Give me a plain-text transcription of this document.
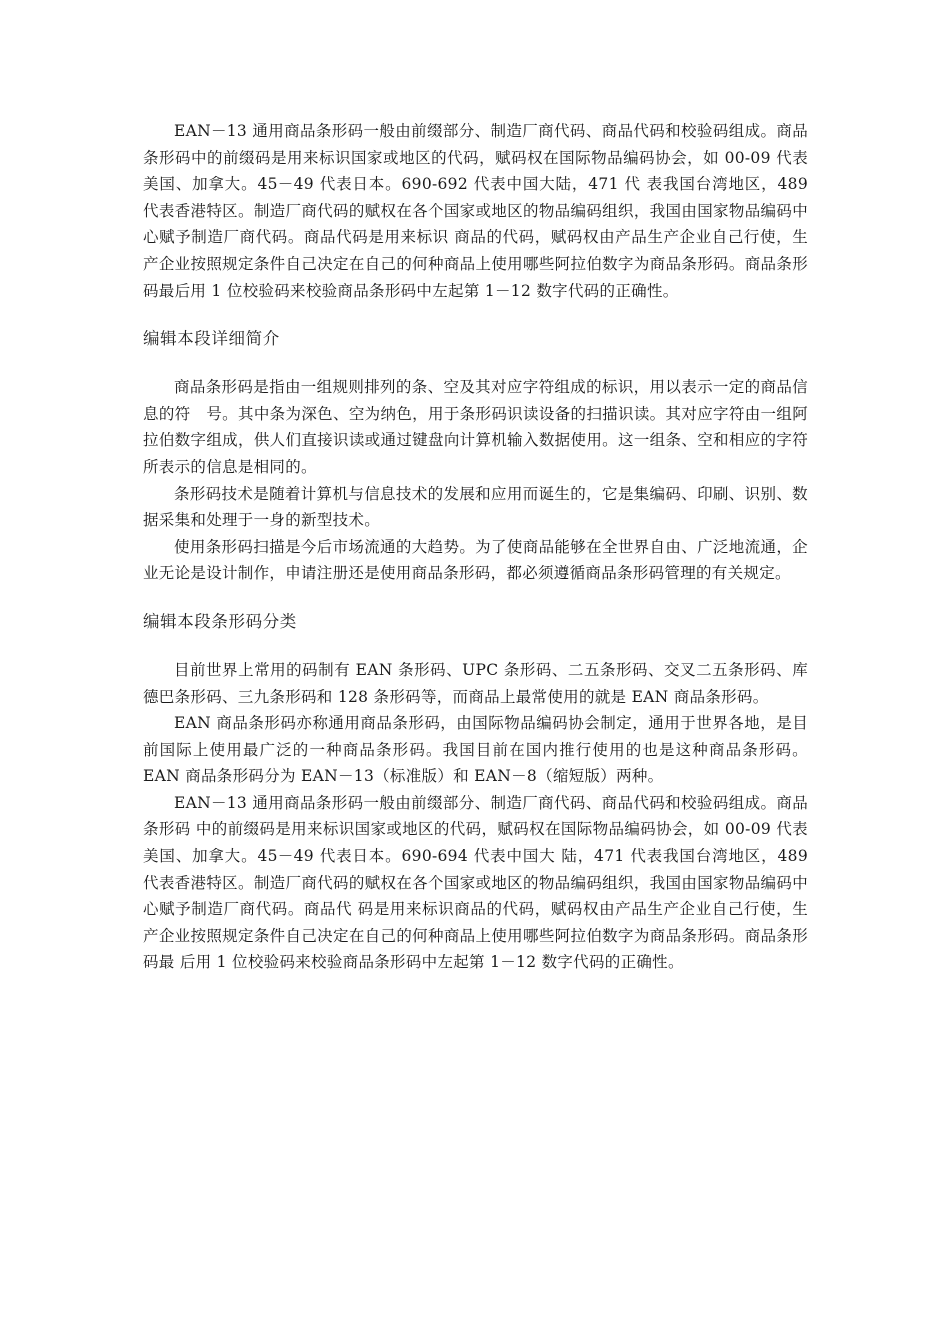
EAN－13 通用商品条形码一般由前缀部分、制造厂商代码、商品代码和校验码组成。商品条形码中的前缀码是用来标识国家或地区的代码，赋码权在国际物品编码协会，如 00-09 代表美国、加拿大。45－49 代表日本。690-692 代表中国大陆，471 代 表我国台湾地区，489 代表香港特区。制造厂商代码的赋权在各个国家或地区的物品编码组织，我国由国家物品编码中心赋予制造厂商代码。商品代码是用来标识 商品的代码，赋码权由产品生产企业自己行使，生产企业按照规定条件自己决定在自己的何种商品上使用哪些阿拉伯数字为商品条形码。商品条形码最后用 1 位校验码来校验商品条形码中左起第 1－12 数字代码的正确性。

编辑本段详细简介

商品条形码是指由一组规则排列的条、空及其对应字符组成的标识，用以表示一定的商品信息的符　号。其中条为深色、空为纳色，用于条形码识读设备的扫描识读。其对应字符由一组阿拉伯数字组成，供人们直接识读或通过键盘向计算机输入数据使用。这一组条、空和相应的字符所表示的信息是相同的。

条形码技术是随着计算机与信息技术的发展和应用而诞生的，它是集编码、印刷、识别、数据采集和处理于一身的新型技术。

使用条形码扫描是今后市场流通的大趋势。为了使商品能够在全世界自由、广泛地流通，企业无论是设计制作，申请注册还是使用商品条形码，都必须遵循商品条形码管理的有关规定。

编辑本段条形码分类

目前世界上常用的码制有 EAN 条形码、UPC 条形码、二五条形码、交叉二五条形码、库德巴条形码、三九条形码和 128 条形码等，而商品上最常使用的就是 EAN 商品条形码。

EAN 商品条形码亦称通用商品条形码，由国际物品编码协会制定，通用于世界各地，是目前国际上使用最广泛的一种商品条形码。我国目前在国内推行使用的也是这种商品条形码。EAN 商品条形码分为 EAN－13（标准版）和 EAN－8（缩短版）两种。

EAN－13 通用商品条形码一般由前缀部分、制造厂商代码、商品代码和校验码组成。商品条形码 中的前缀码是用来标识国家或地区的代码，赋码权在国际物品编码协会，如 00-09 代表美国、加拿大。45－49 代表日本。690-694 代表中国大 陆，471 代表我国台湾地区，489 代表香港特区。制造厂商代码的赋权在各个国家或地区的物品编码组织，我国由国家物品编码中心赋予制造厂商代码。商品代 码是用来标识商品的代码，赋码权由产品生产企业自己行使，生产企业按照规定条件自己决定在自己的何种商品上使用哪些阿拉伯数字为商品条形码。商品条形码最 后用 1 位校验码来校验商品条形码中左起第 1－12 数字代码的正确性。
